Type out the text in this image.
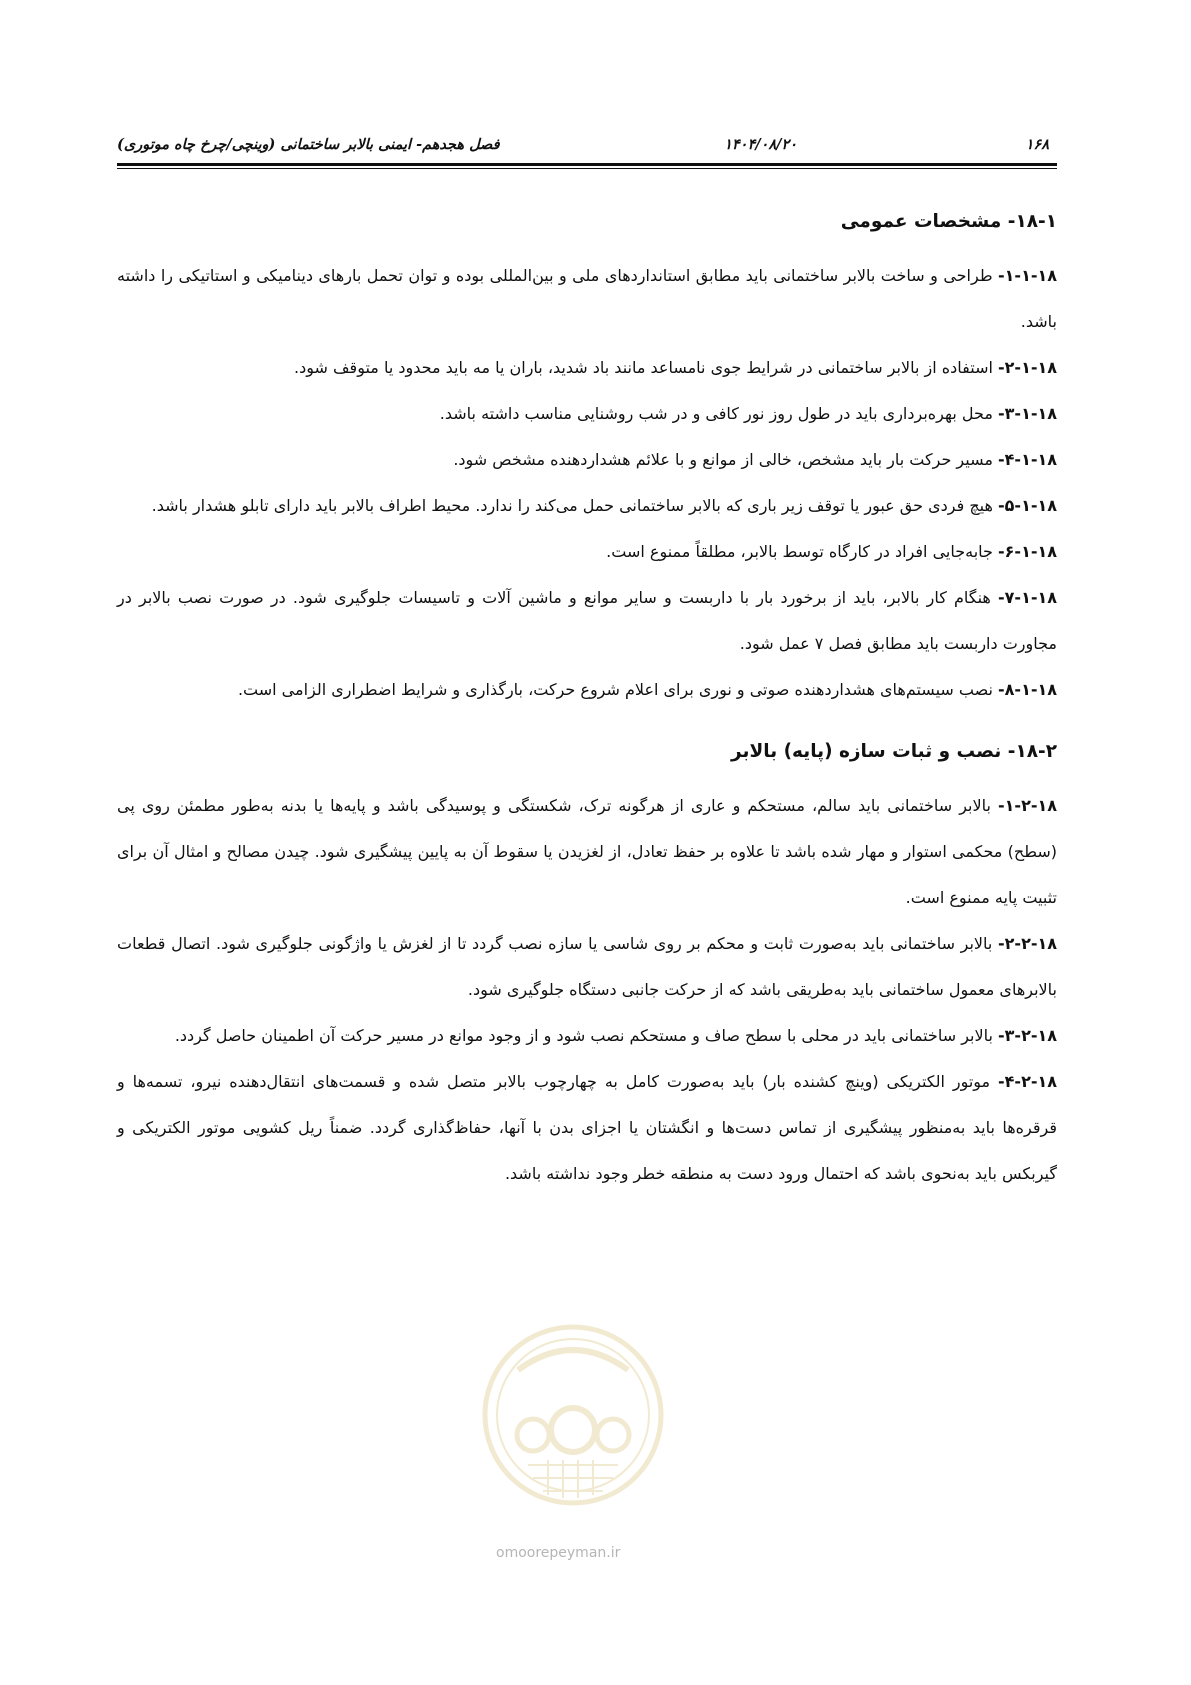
۱۶۸
۱۴۰۴/۰۸/۲۰
فصل هجدهم- ایمنی بالابر ساختمانی (وینچی/چرخ چاه موتوری)
۱۸-۱- مشخصات عمومی

۱-۱-۱۸- طراحی و ساخت بالابر ساختمانی باید مطابق استانداردهای ملی و بین‌المللی بوده و توان تحمل بارهای دینامیکی و استاتیکی را داشته باشد.

۲-۱-۱۸- استفاده از بالابر ساختمانی در شرایط جوی نامساعد مانند باد شدید، باران یا مه باید محدود یا متوقف شود.

۳-۱-۱۸- محل بهره‌برداری باید در طول روز نور کافی و در شب روشنایی مناسب داشته باشد.

۴-۱-۱۸- مسیر حرکت بار باید مشخص، خالی از موانع و با علائم هشداردهنده مشخص شود.

۵-۱-۱۸- هیچ فردی حق عبور یا توقف زیر باری که بالابر ساختمانی حمل می‌کند را ندارد. محیط اطراف بالابر باید دارای تابلو هشدار باشد.

۶-۱-۱۸- جابه‌جایی افراد در کارگاه توسط بالابر، مطلقاً ممنوع است.

۷-۱-۱۸- هنگام کار بالابر، باید از برخورد بار با داربست و سایر موانع و ماشین آلات و تاسیسات جلوگیری شود. در صورت نصب بالابر در مجاورت داربست باید مطابق فصل ۷ عمل شود.

۸-۱-۱۸- نصب سیستم‌های هشداردهنده صوتی و نوری برای اعلام شروع حرکت، بارگذاری و شرایط اضطراری الزامی است.

۱۸-۲- نصب و ثبات سازه (پایه) بالابر

۱-۲-۱۸- بالابر ساختمانی باید سالم، مستحکم و عاری از هرگونه ترک، شکستگی و پوسیدگی باشد و پایه‌ها یا بدنه به‌طور مطمئن روی پی (سطح) محکمی استوار و مهار شده باشد تا علاوه بر حفظ تعادل، از لغزیدن یا سقوط آن به پایین پیشگیری شود. چیدن مصالح و امثال آن برای تثبیت پایه ممنوع است.

۲-۲-۱۸- بالابر ساختمانی باید به‌صورت ثابت و محکم بر روی شاسی یا سازه نصب گردد تا از لغزش یا واژگونی جلوگیری شود. اتصال قطعات بالابرهای معمول ساختمانی باید به‌طریقی باشد که از حرکت جانبی دستگاه جلوگیری شود.

۳-۲-۱۸- بالابر ساختمانی باید در محلی با سطح صاف و مستحکم نصب شود و از وجود موانع در مسیر حرکت آن اطمینان حاصل گردد.

۴-۲-۱۸- موتور الکتریکی (وینچ کشنده بار) باید به‌صورت کامل به چهارچوب بالابر متصل شده و قسمت‌های انتقال‌دهنده نیرو، تسمه‌ها و قرقره‌ها باید به‌منظور پیشگیری از تماس دست‌ها و انگشتان یا اجزای بدن با آنها، حفاظ‌گذاری گردد. ضمناً ریل کشویی موتور الکتریکی و گیربکس باید به‌نحوی باشد که احتمال ورود دست به منطقه خطر وجود نداشته باشد.

omoorepeyman.ir
